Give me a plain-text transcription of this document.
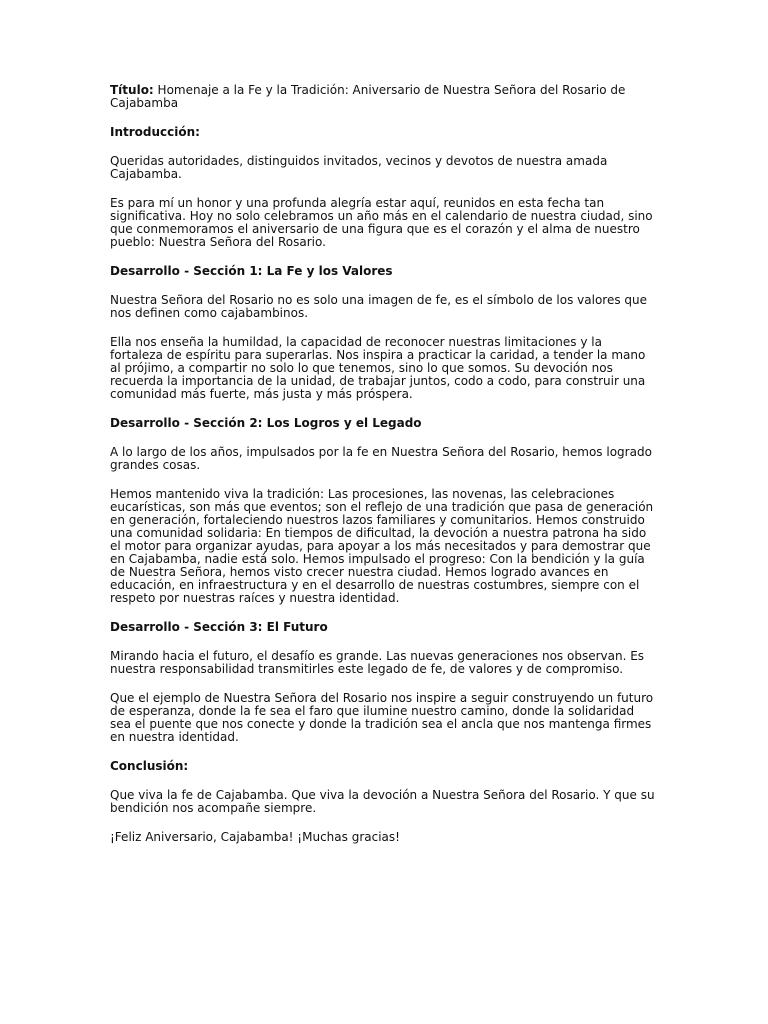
Título: Homenaje a la Fe y la Tradición: Aniversario de Nuestra Señora del Rosario de Cajabamba

Introducción:

Queridas autoridades, distinguidos invitados, vecinos y devotos de nuestra amada Cajabamba.

Es para mí un honor y una profunda alegría estar aquí, reunidos en esta fecha tan significativa. Hoy no solo celebramos un año más en el calendario de nuestra ciudad, sino que conmemoramos el aniversario de una figura que es el corazón y el alma de nuestro pueblo: Nuestra Señora del Rosario.

Desarrollo - Sección 1: La Fe y los Valores

Nuestra Señora del Rosario no es solo una imagen de fe, es el símbolo de los valores que nos definen como cajabambinos.

Ella nos enseña la humildad, la capacidad de reconocer nuestras limitaciones y la fortaleza de espíritu para superarlas. Nos inspira a practicar la caridad, a tender la mano al prójimo, a compartir no solo lo que tenemos, sino lo que somos. Su devoción nos recuerda la importancia de la unidad, de trabajar juntos, codo a codo, para construir una comunidad más fuerte, más justa y más próspera.

Desarrollo - Sección 2: Los Logros y el Legado

A lo largo de los años, impulsados por la fe en Nuestra Señora del Rosario, hemos logrado grandes cosas.

Hemos mantenido viva la tradición: Las procesiones, las novenas, las celebraciones eucarísticas, son más que eventos; son el reflejo de una tradición que pasa de generación en generación, fortaleciendo nuestros lazos familiares y comunitarios. Hemos construido una comunidad solidaria: En tiempos de dificultad, la devoción a nuestra patrona ha sido el motor para organizar ayudas, para apoyar a los más necesitados y para demostrar que en Cajabamba, nadie está solo. Hemos impulsado el progreso: Con la bendición y la guía de Nuestra Señora, hemos visto crecer nuestra ciudad. Hemos logrado avances en educación, en infraestructura y en el desarrollo de nuestras costumbres, siempre con el respeto por nuestras raíces y nuestra identidad.

Desarrollo - Sección 3: El Futuro

Mirando hacia el futuro, el desafío es grande. Las nuevas generaciones nos observan. Es nuestra responsabilidad transmitirles este legado de fe, de valores y de compromiso.

Que el ejemplo de Nuestra Señora del Rosario nos inspire a seguir construyendo un futuro de esperanza, donde la fe sea el faro que ilumine nuestro camino, donde la solidaridad sea el puente que nos conecte y donde la tradición sea el ancla que nos mantenga firmes en nuestra identidad.

Conclusión:

Que viva la fe de Cajabamba. Que viva la devoción a Nuestra Señora del Rosario. Y que su bendición nos acompañe siempre.

¡Feliz Aniversario, Cajabamba! ¡Muchas gracias!
